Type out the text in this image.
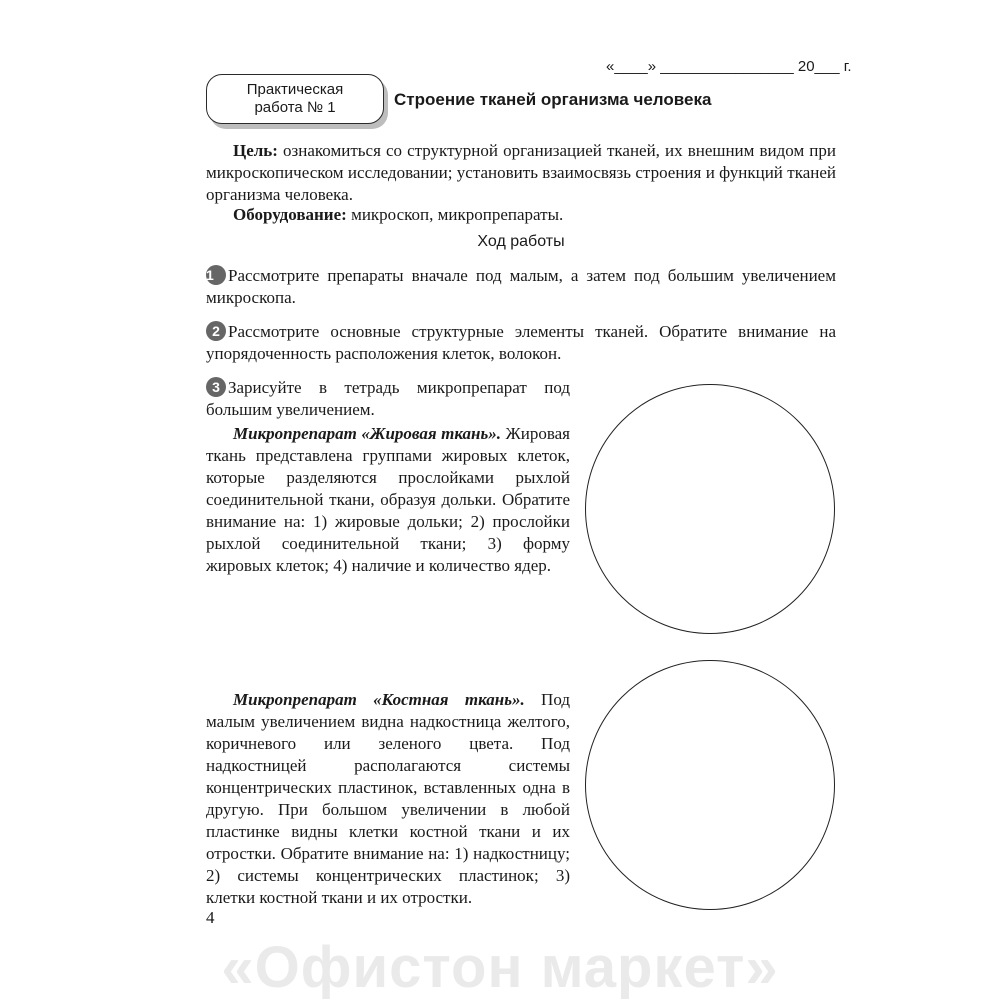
«____» ________________ 20___ г.
Практическая
работа № 1	Строение тканей организма человека
Цель: ознакомиться со структурной организацией тканей, их внешним видом при микроскопическом исследовании; установить взаимосвязь строения и функций тканей организма человека.
Оборудование: микроскоп, микропрепараты.
Ход работы
1 Рассмотрите препараты вначале под малым, а затем под большим увеличением микроскопа.
2 Рассмотрите основные структурные элементы тканей. Обратите внимание на упорядоченность расположения клеток, волокон.
3 Зарисуйте в тетрадь микропрепарат под большим увеличением.
Микропрепарат «Жировая ткань». Жировая ткань представлена группами жировых клеток, которые разделяются прослойками рыхлой соединительной ткани, образуя дольки. Обратите внимание на: 1) жировые дольки; 2) прослойки рыхлой соединительной ткани; 3) форму жировых клеток; 4) наличие и количество ядер.
Микропрепарат «Костная ткань». Под малым увеличением видна надкостница желтого, коричневого или зеленого цвета. Под надкостницей располагаются системы концентрических пластинок, вставленных одна в другую. При большом увеличении в любой пластинке видны клетки костной ткани и их отростки. Обратите внимание на: 1) надкостницу; 2) системы концентрических пластинок; 3) клетки костной ткани и их отростки.
4
«Офистон маркет»
